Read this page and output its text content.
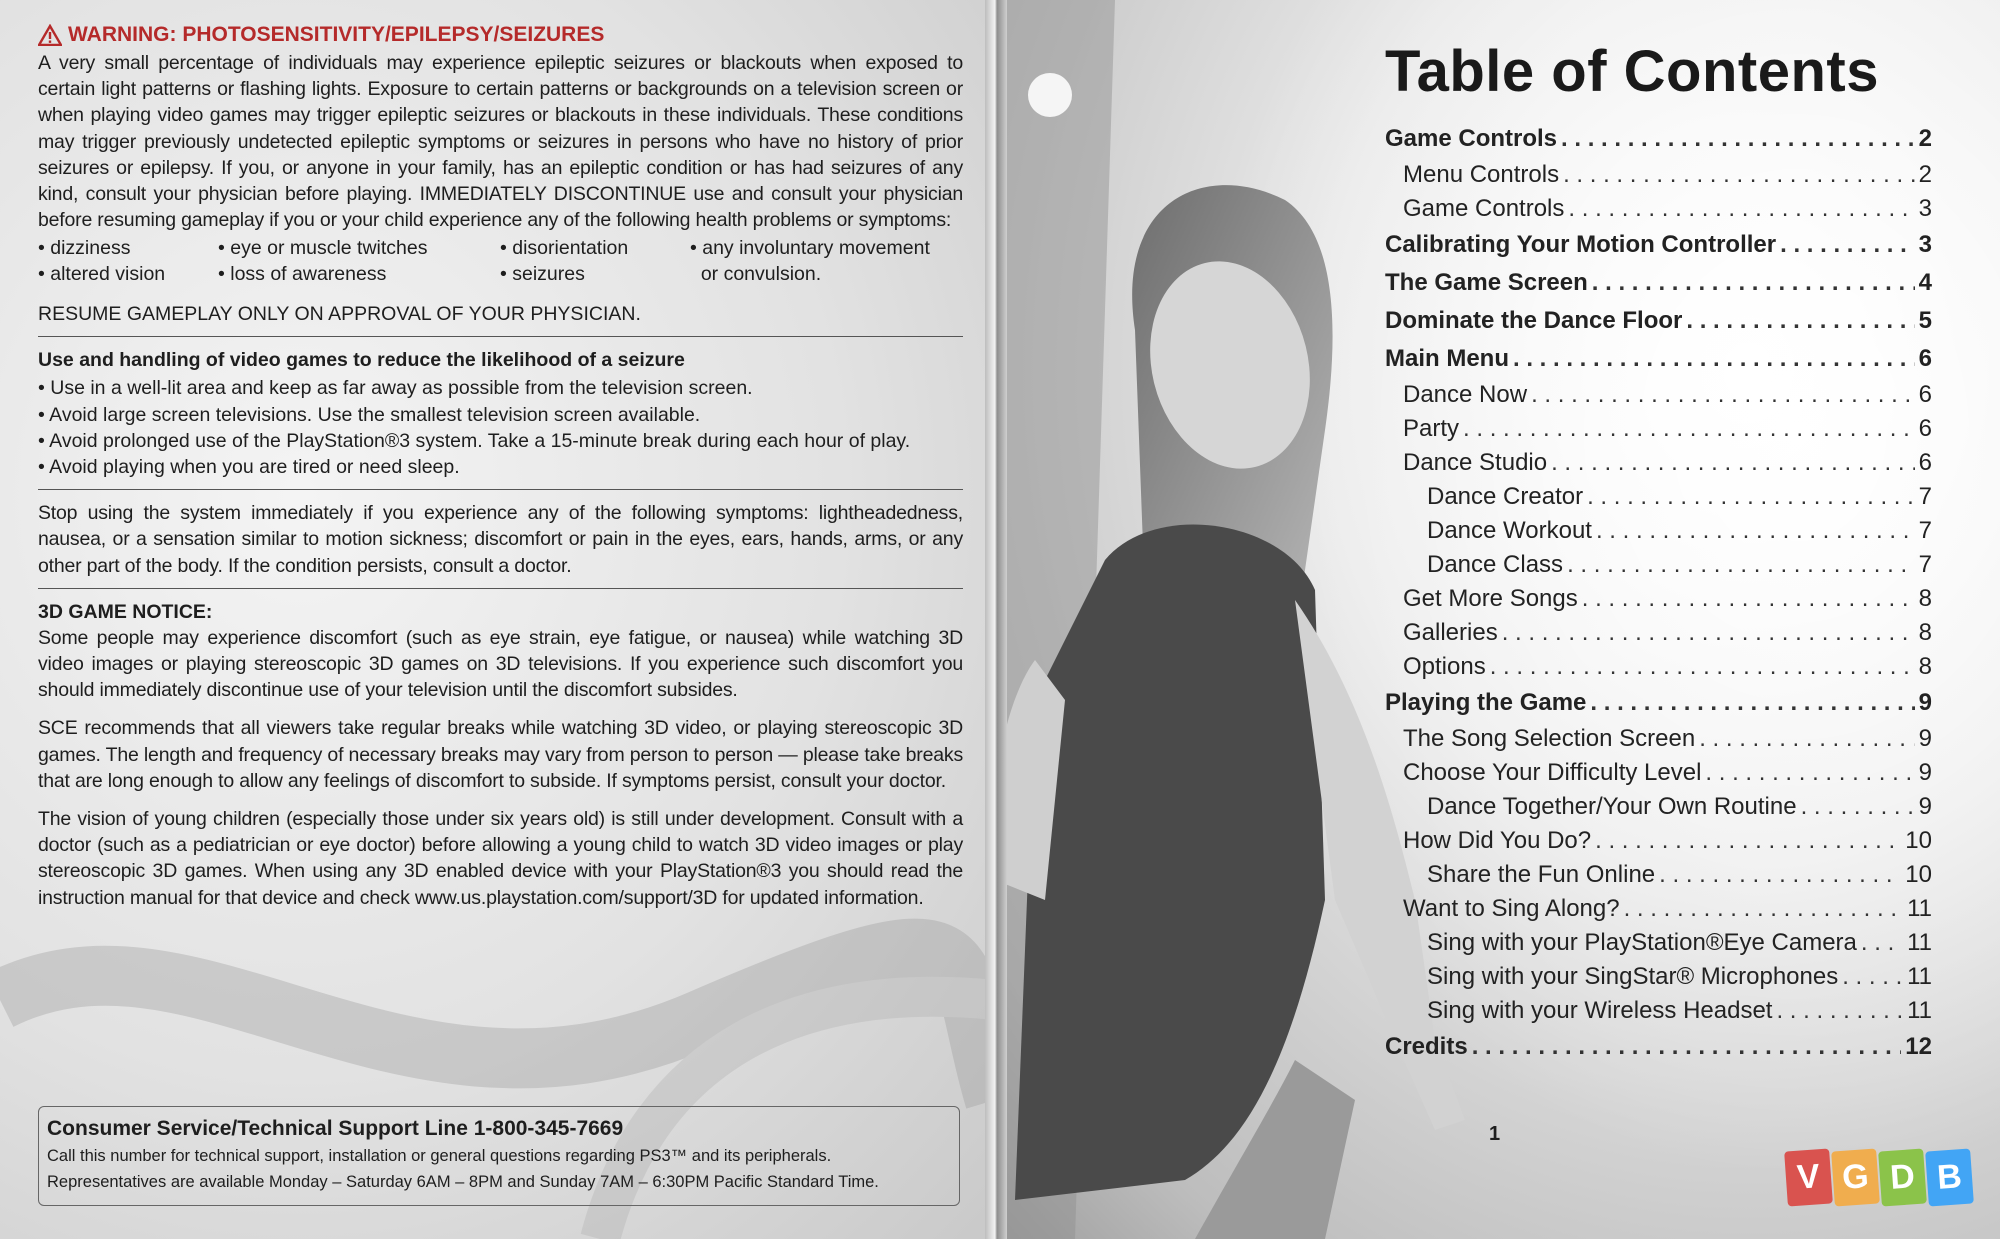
WARNING: PHOTOSENSITIVITY/EPILEPSY/SEIZURES

A very small percentage of individuals may experience epileptic seizures or blackouts when exposed to certain light patterns or flashing lights. Exposure to certain patterns or backgrounds on a television screen or when playing video games may trigger epileptic seizures or blackouts in these individuals. These conditions may trigger previously undetected epileptic symptoms or seizures in persons who have no history of prior seizures or epilepsy. If you, or anyone in your family, has an epileptic condition or has had seizures of any kind, consult your physician before playing. IMMEDIATELY DISCONTINUE use and consult your physician before resuming gameplay if you or your child experience any of the following health problems or symptoms:

• dizziness	• eye or muscle twitches	• disorientation	• any involuntary movement
• altered vision	• loss of awareness	• seizures	or convulsion.
RESUME GAMEPLAY ONLY ON APPROVAL OF YOUR PHYSICIAN.
Use and handling of video games to reduce the likelihood of a seizure
• Use in a well-lit area and keep as far away as possible from the television screen.
• Avoid large screen televisions. Use the smallest television screen available.
• Avoid prolonged use of the PlayStation®3 system. Take a 15-minute break during each hour of play.
• Avoid playing when you are tired or need sleep.

Stop using the system immediately if you experience any of the following symptoms: lightheadedness, nausea, or a sensation similar to motion sickness; discomfort or pain in the eyes, ears, hands, arms, or any other part of the body. If the condition persists, consult a doctor.

3D GAME NOTICE:

Some people may experience discomfort (such as eye strain, eye fatigue, or nausea) while watching 3D video images or playing stereoscopic 3D games on 3D televisions. If you experience such discomfort you should immediately discontinue use of your television until the discomfort subsides.

SCE recommends that all viewers take regular breaks while watching 3D video, or playing stereoscopic 3D games. The length and frequency of necessary breaks may vary from person to person — please take breaks that are long enough to allow any feelings of discomfort to subside. If symptoms persist, consult your doctor.

The vision of young children (especially those under six years old) is still under development. Consult with a doctor (such as a pediatrician or eye doctor) before allowing a young child to watch 3D video images or play stereoscopic 3D games. When using any 3D enabled device with your PlayStation®3 you should read the instruction manual for that device and check www.us.playstation.com/support/3D for updated information.

Consumer Service/Technical Support Line 1-800-345-7669
Call this number for technical support, installation or general questions regarding PS3™ and its peripherals.
Representatives are available Monday – Saturday 6AM – 8PM and Sunday 7AM – 6:30PM Pacific Standard Time.
Table of Contents
Game Controls . . .	2
Menu Controls . . .	2
Game Controls . . .	3
Calibrating Your Motion Controller . . .	3
The Game Screen . . .	4
Dominate the Dance Floor . . .	5
Main Menu . . .	6
Dance Now . . .	6
Party . . .	6
Dance Studio . . .	6
Dance Creator . . .	7
Dance Workout . . .	7
Dance Class . . .	7
Get More Songs . . .	8
Galleries . . .	8
Options . . .	8
Playing the Game . . .	9
The Song Selection Screen . . .	9
Choose Your Difficulty Level . . .	9
Dance Together/Your Own Routine . . .	9
How Did You Do? . . .	10
Share the Fun Online . . .	10
Want to Sing Along? . . .	11
Sing with your PlayStation®Eye Camera . . . 11
Sing with your SingStar® Microphones . . .	11
Sing with your Wireless Headset . . .	11
Credits . . .	12
1
V G D B
